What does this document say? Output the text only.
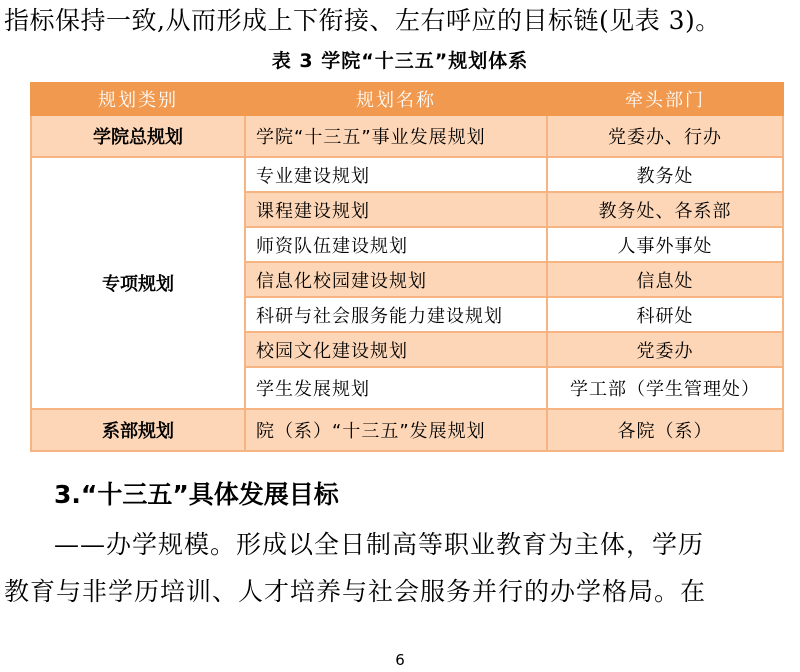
指标保持一致,从而形成上下衔接、左右呼应的目标链(见表 3)。
表 3 学院“十三五”规划体系
规划类别	规划名称	牵头部门
学院总规划	学院“十三五”事业发展规划	党委办、行办
专项规划	专业建设规划	教务处
	课程建设规划	教务处、各系部
	师资队伍建设规划	人事外事处
	信息化校园建设规划	信息处
	科研与社会服务能力建设规划	科研处
	校园文化建设规划	党委办
	学生发展规划	学工部（学生管理处）
系部规划	院（系）“十三五”发展规划	各院（系）
3.“十三五”具体发展目标
——办学规模。形成以全日制高等职业教育为主体，学历
教育与非学历培训、人才培养与社会服务并行的办学格局。在
6
